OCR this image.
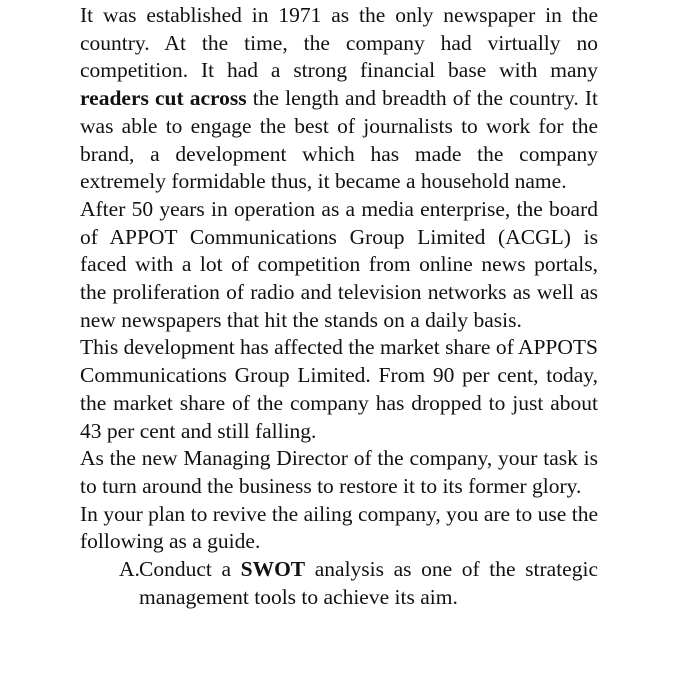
It was established in 1971 as the only newspaper in the country. At the time, the company had virtually no competition. It had a strong financial base with many readers cut across the length and breadth of the country. It was able to engage the best of journalists to work for the brand, a development which has made the company extremely formidable thus, it became a household name.

After 50 years in operation as a media enterprise, the board of APPOT Communications Group Limited (ACGL) is faced with a lot of competition from online news portals, the proliferation of radio and television networks as well as new newspapers that hit the stands on a daily basis.

This development has affected the market share of APPOTS Communications Group Limited. From 90 per cent, today, the market share of the company has dropped to just about 43 per cent and still falling.

As the new Managing Director of the company, your task is to turn around the business to restore it to its former glory.

In your plan to revive the ailing company, you are to use the following as a guide.

A. Conduct a SWOT analysis as one of the strategic management tools to achieve its aim.
